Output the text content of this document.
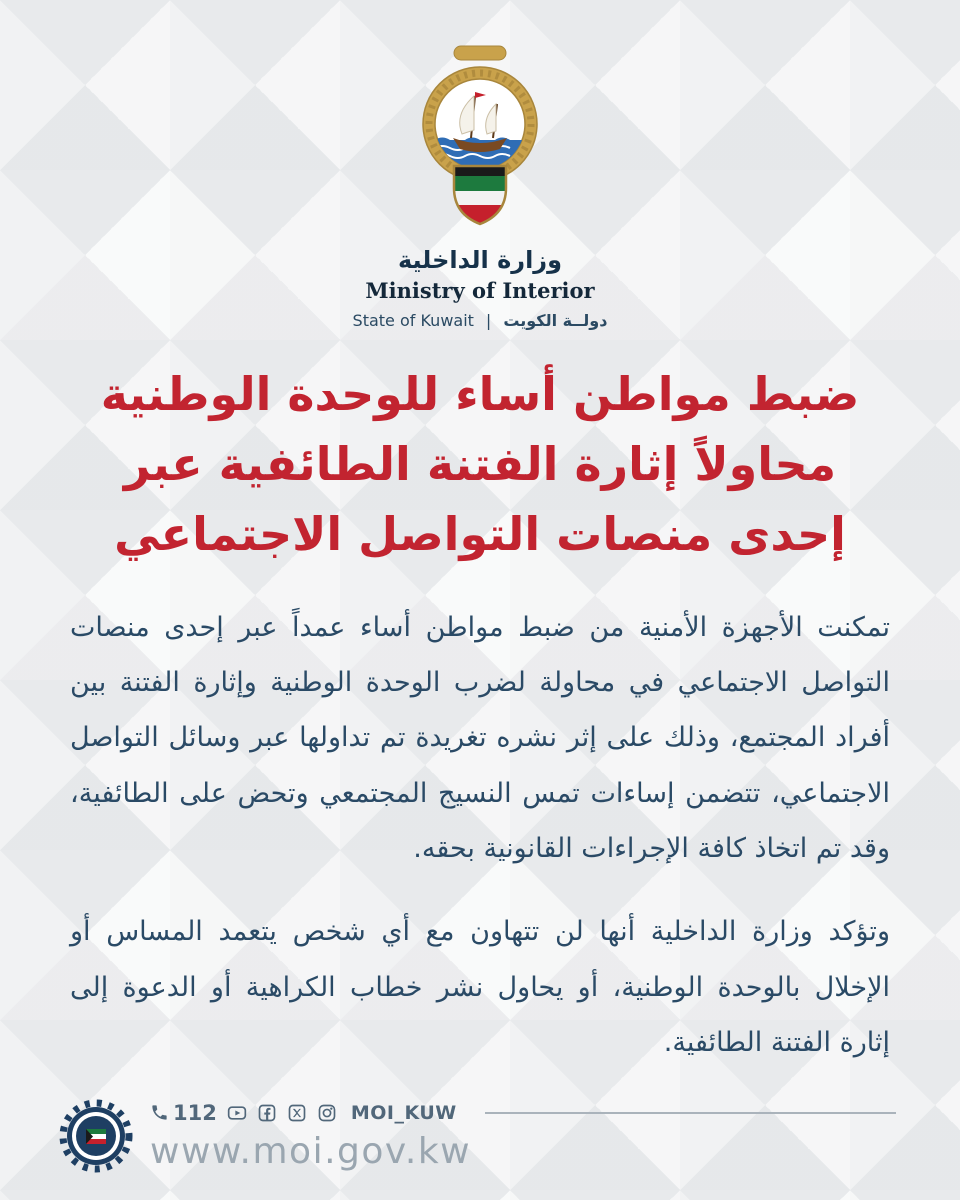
وزارة الداخلية
Ministry of Interior
State of Kuwait | دولــة الكويت
ضبط مواطن أساء للوحدة الوطنية
محاولاً إثارة الفتنة الطائفية عبر
إحدى منصات التواصل الاجتماعي

تمكنت الأجهزة الأمنية من ضبط مواطن أساء عمداً عبر إحدى منصات التواصل الاجتماعي في محاولة لضرب الوحدة الوطنية وإثارة الفتنة بين أفراد المجتمع، وذلك على إثر نشره تغريدة تم تداولها عبر وسائل التواصل الاجتماعي، تتضمن إساءات تمس النسيج المجتمعي وتحض على الطائفية، وقد تم اتخاذ كافة الإجراءات القانونية بحقه.

وتؤكد وزارة الداخلية أنها لن تتهاون مع أي شخص يتعمد المساس أو الإخلال بالوحدة الوطنية، أو يحاول نشر خطاب الكراهية أو الدعوة إلى إثارة الفتنة الطائفية.

112	MOI_KUW
www.moi.gov.kw
